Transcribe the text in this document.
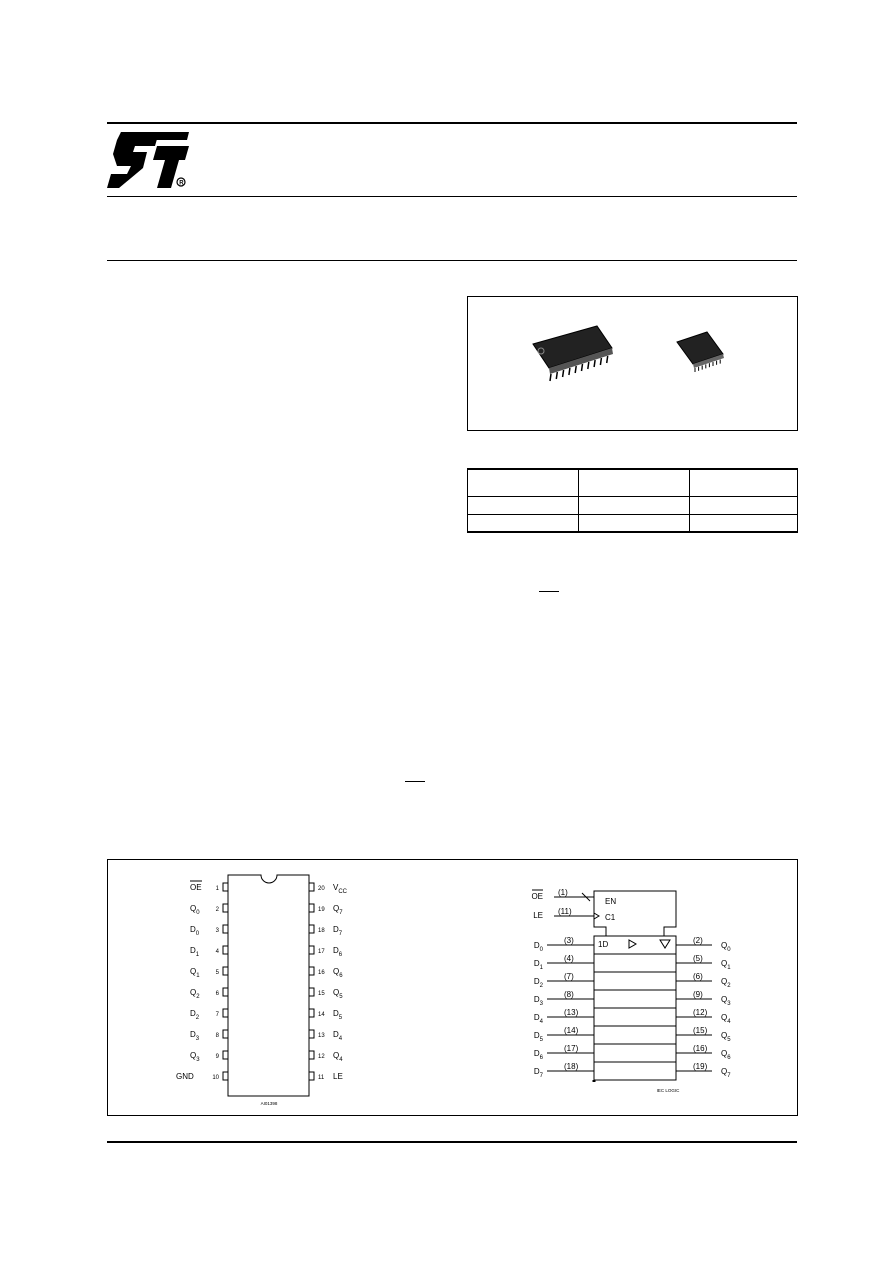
R

1
OE
2
$Q_0$
3
$D_0$
4
$D_1$
5
$Q_1$
6
$Q_2$
7
$D_2$
8
$D_3$
9
$Q_3$
10
GND
20 $V_{CC}$
19 $Q_7$
18 $D_7$
17 $D_6$
16 $Q_6$
15 $Q_5$
14 $D_5$
13 $D_4$
12 $Q_4$
11 LE
AI01398
EN
C1
OE (1)
LE (11)
1D
$D_0$
(3)
$D_1$
(4)
$D_2$
(7)
$D_3$
(8)
$D_4$
(13)
$D_5$
(14)
$D_6$
(17)
$D_7$
(18)
(2)
$Q_0$
(5)
$Q_1$
(6)
$Q_2$
(9)
$Q_3$
(12)
$Q_4$
(15)
$Q_5$
(16)
$Q_6$
(19)
$Q_7$
IEC LOGIC
